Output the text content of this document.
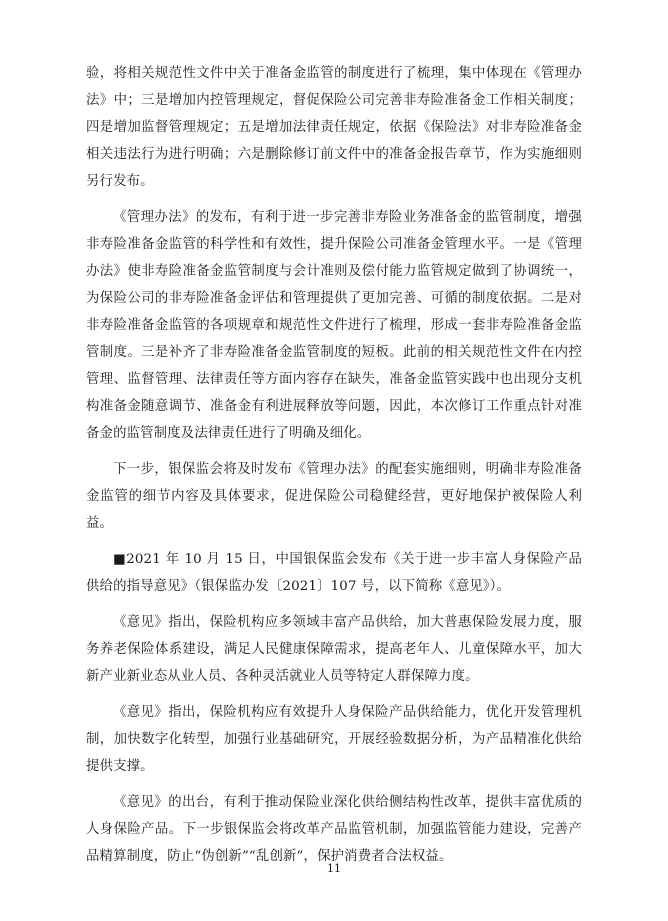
验，将相关规范性文件中关于准备金监管的制度进行了梳理，集中体现在《管理办法》中；三是增加内控管理规定，督促保险公司完善非寿险准备金工作相关制度；四是增加监督管理规定；五是增加法律责任规定，依据《保险法》对非寿险准备金相关违法行为进行明确；六是删除修订前文件中的准备金报告章节，作为实施细则另行发布。

《管理办法》的发布，有利于进一步完善非寿险业务准备金的监管制度，增强非寿险准备金监管的科学性和有效性，提升保险公司准备金管理水平。一是《管理办法》使非寿险准备金监管制度与会计准则及偿付能力监管规定做到了协调统一，为保险公司的非寿险准备金评估和管理提供了更加完善、可循的制度依据。二是对非寿险准备金监管的各项规章和规范性文件进行了梳理，形成一套非寿险准备金监管制度。三是补齐了非寿险准备金监管制度的短板。此前的相关规范性文件在内控管理、监督管理、法律责任等方面内容存在缺失，准备金监管实践中也出现分支机构准备金随意调节、准备金有利进展释放等问题，因此，本次修订工作重点针对准备金的监管制度及法律责任进行了明确及细化。

下一步，银保监会将及时发布《管理办法》的配套实施细则，明确非寿险准备金监管的细节内容及具体要求，促进保险公司稳健经营，更好地保护被保险人利益。

■2021 年 10 月 15 日，中国银保监会发布《关于进一步丰富人身保险产品供给的指导意见》（银保监办发〔2021〕107 号，以下简称《意见》）。

《意见》指出，保险机构应多领域丰富产品供给，加大普惠保险发展力度，服务养老保险体系建设，满足人民健康保障需求，提高老年人、儿童保障水平，加大新产业新业态从业人员、各种灵活就业人员等特定人群保障力度。

《意见》指出，保险机构应有效提升人身保险产品供给能力，优化开发管理机制，加快数字化转型，加强行业基础研究，开展经验数据分析，为产品精准化供给提供支撑。

《意见》的出台，有利于推动保险业深化供给侧结构性改革，提供丰富优质的人身保险产品。下一步银保监会将改革产品监管机制，加强监管能力建设，完善产品精算制度，防止“伪创新”“乱创新”，保护消费者合法权益。

11
